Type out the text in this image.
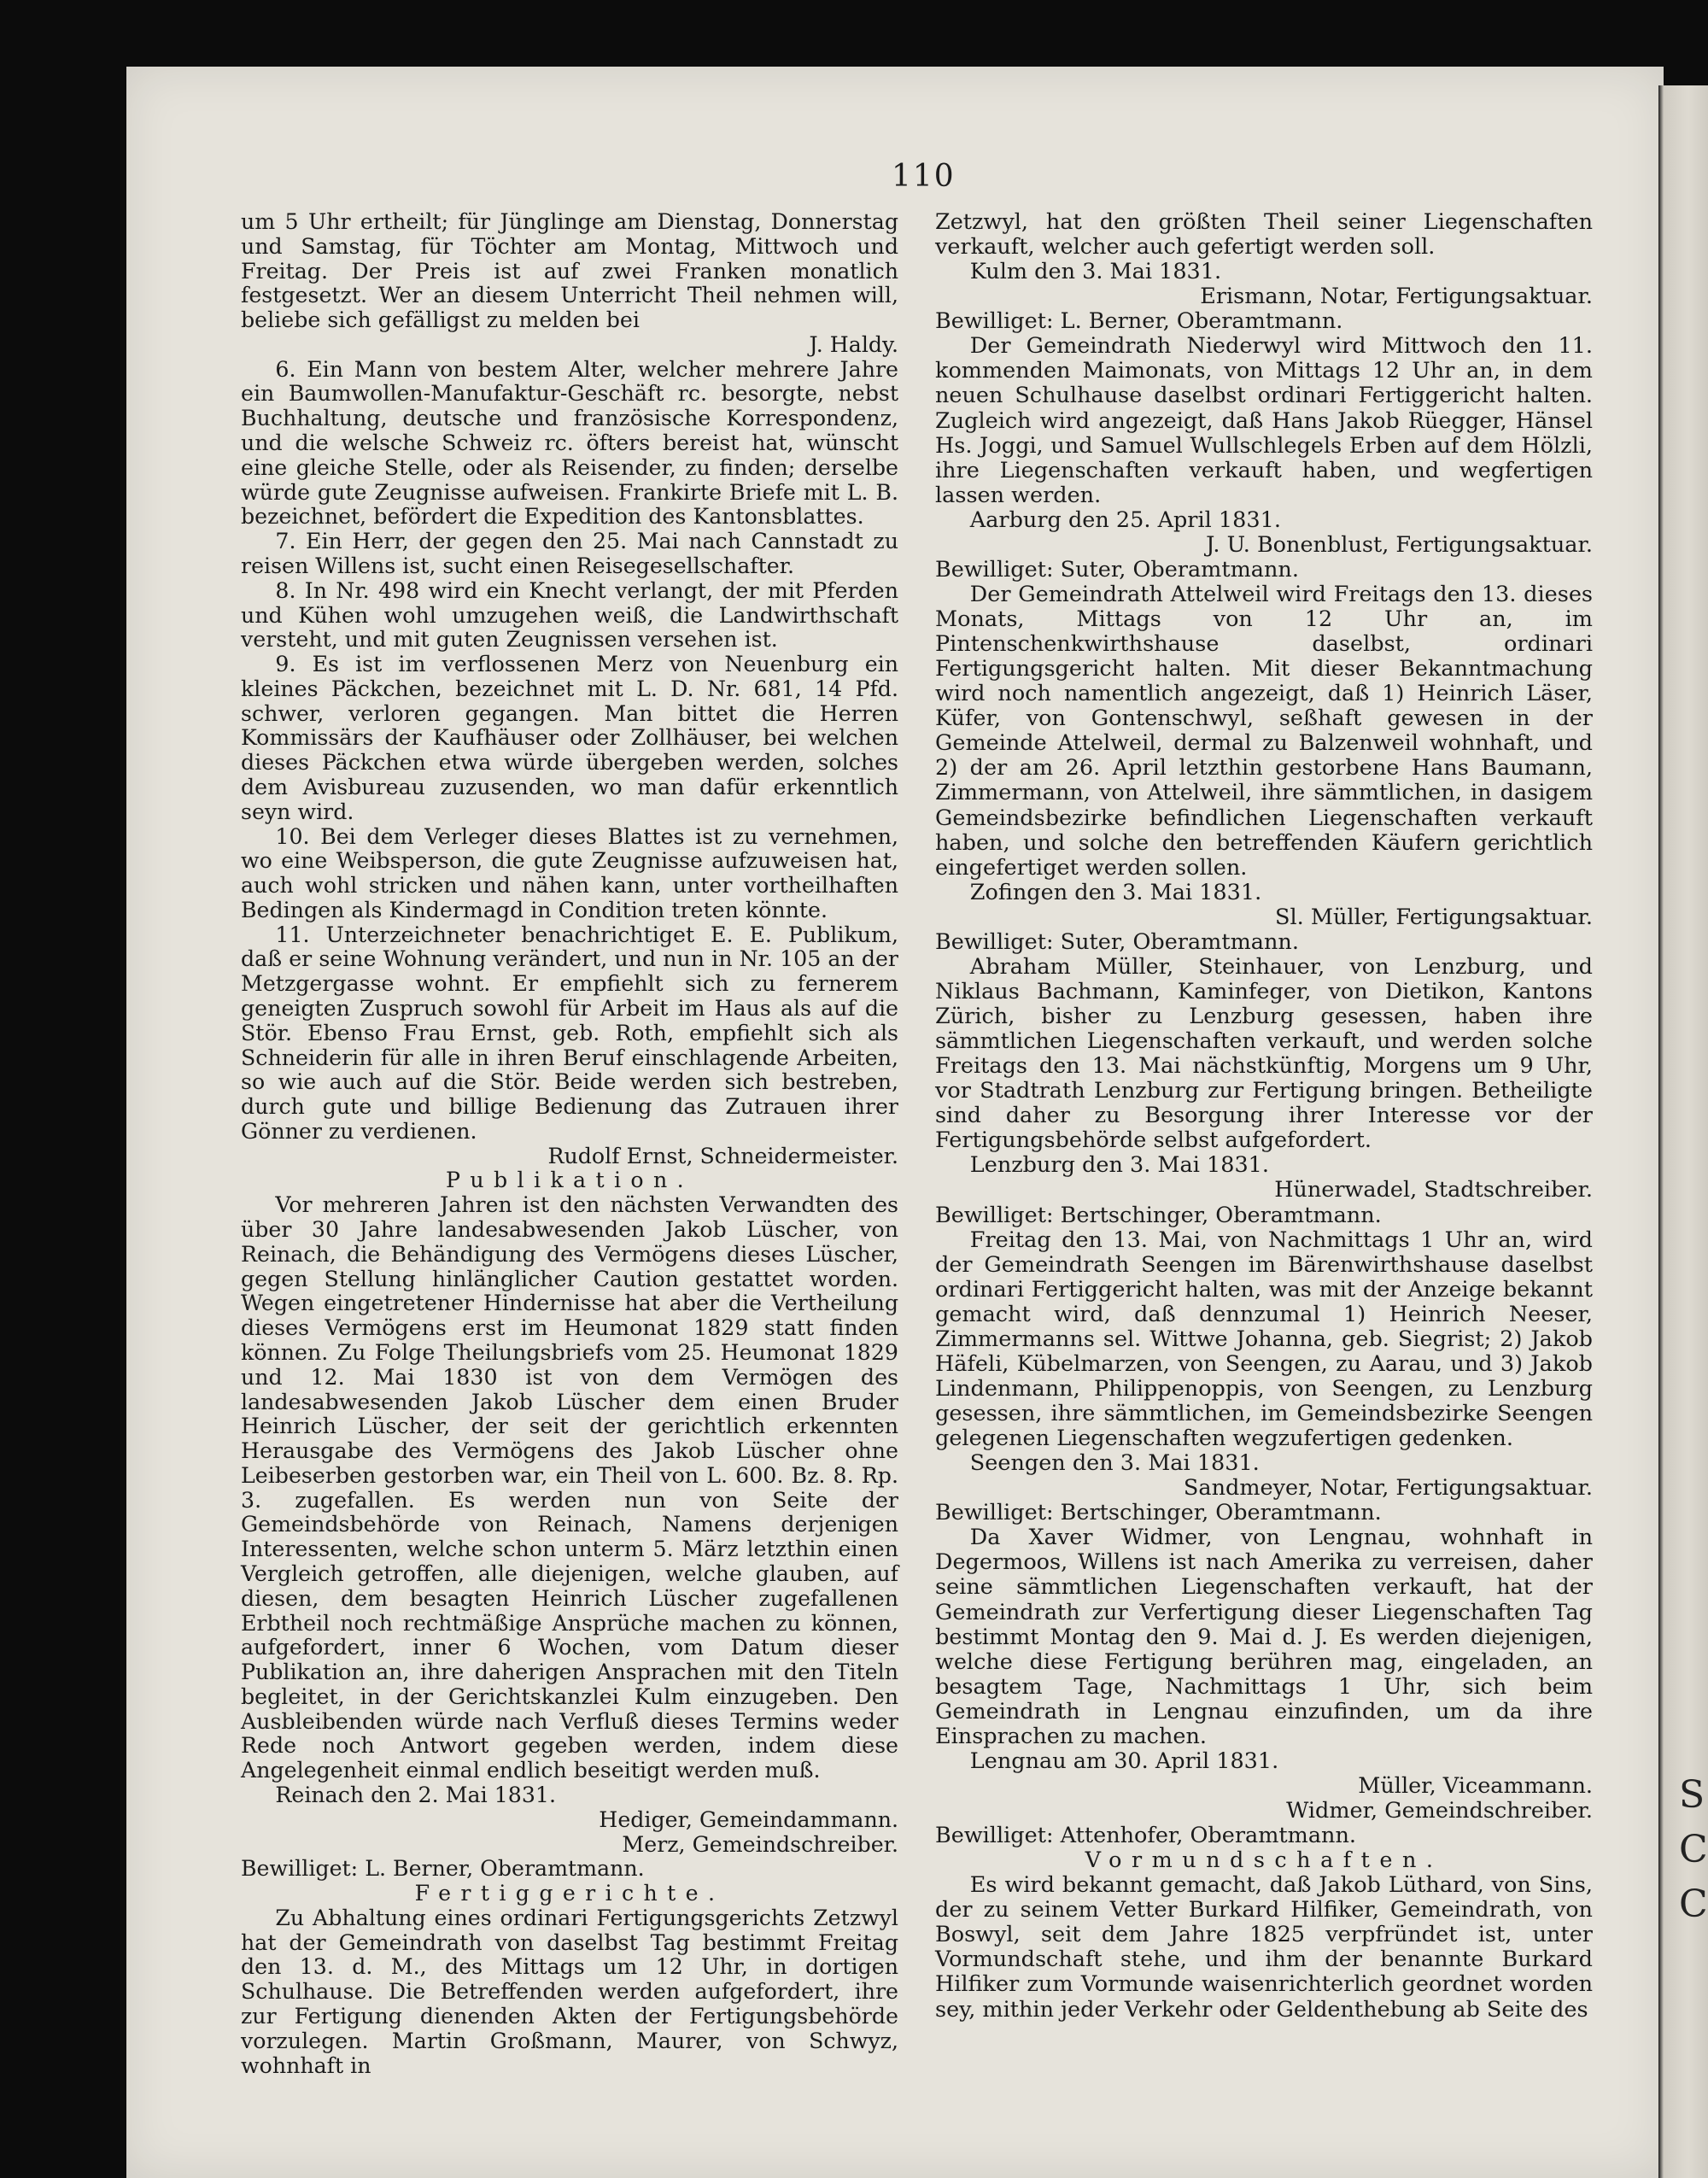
S
C
C
110

um 5 Uhr ertheilt; für Jünglinge am Dienstag, Donnerstag und Samstag, für Töchter am Montag, Mittwoch und Freitag. Der Preis ist auf zwei Franken monatlich festgesetzt. Wer an diesem Unterricht Theil nehmen will, beliebe sich gefälligst zu melden bei

J. Haldy.

6. Ein Mann von bestem Alter, welcher mehrere Jahre ein Baumwollen-Manufaktur-Geschäft rc. besorgte, nebst Buchhaltung, deutsche und französische Korrespondenz, und die welsche Schweiz rc. öfters bereist hat, wünscht eine gleiche Stelle, oder als Reisender, zu finden; derselbe würde gute Zeugnisse aufweisen. Frankirte Briefe mit L. B. bezeichnet, befördert die Expedition des Kantonsblattes.

7. Ein Herr, der gegen den 25. Mai nach Cannstadt zu reisen Willens ist, sucht einen Reisegesellschafter.

8. In Nr. 498 wird ein Knecht verlangt, der mit Pferden und Kühen wohl umzugehen weiß, die Landwirthschaft versteht, und mit guten Zeugnissen versehen ist.

9. Es ist im verflossenen Merz von Neuenburg ein kleines Päckchen, bezeichnet mit L. D. Nr. 681, 14 Pfd. schwer, verloren gegangen. Man bittet die Herren Kommissärs der Kaufhäuser oder Zollhäuser, bei welchen dieses Päckchen etwa würde übergeben werden, solches dem Avisbureau zuzusenden, wo man dafür erkenntlich seyn wird.

10. Bei dem Verleger dieses Blattes ist zu vernehmen, wo eine Weibsperson, die gute Zeugnisse aufzuweisen hat, auch wohl stricken und nähen kann, unter vortheilhaften Bedingen als Kindermagd in Condition treten könnte.

11. Unterzeichneter benachrichtiget E. E. Publikum, daß er seine Wohnung verändert, und nun in Nr. 105 an der Metzgergasse wohnt. Er empfiehlt sich zu fernerem geneigten Zuspruch sowohl für Arbeit im Haus als auf die Stör. Ebenso Frau Ernst, geb. Roth, empfiehlt sich als Schneiderin für alle in ihren Beruf einschlagende Arbeiten, so wie auch auf die Stör. Beide werden sich bestreben, durch gute und billige Bedienung das Zutrauen ihrer Gönner zu verdienen.

Rudolf Ernst, Schneidermeister.

Publikation.

Vor mehreren Jahren ist den nächsten Verwandten des über 30 Jahre landesabwesenden Jakob Lüscher, von Reinach, die Behändigung des Vermögens dieses Lüscher, gegen Stellung hinlänglicher Caution gestattet worden. Wegen eingetretener Hindernisse hat aber die Vertheilung dieses Vermögens erst im Heumonat 1829 statt finden können. Zu Folge Theilungsbriefs vom 25. Heumonat 1829 und 12. Mai 1830 ist von dem Vermögen des landesabwesenden Jakob Lüscher dem einen Bruder Heinrich Lüscher, der seit der gerichtlich erkennten Herausgabe des Vermögens des Jakob Lüscher ohne Leibeserben gestorben war, ein Theil von L. 600. Bz. 8. Rp. 3. zugefallen. Es werden nun von Seite der Gemeindsbehörde von Reinach, Namens derjenigen Interessenten, welche schon unterm 5. März letzthin einen Vergleich getroffen, alle diejenigen, welche glauben, auf diesen, dem besagten Heinrich Lüscher zugefallenen Erbtheil noch rechtmäßige Ansprüche machen zu können, aufgefordert, inner 6 Wochen, vom Datum dieser Publikation an, ihre daherigen Ansprachen mit den Titeln begleitet, in der Gerichtskanzlei Kulm einzugeben. Den Ausbleibenden würde nach Verfluß dieses Termins weder Rede noch Antwort gegeben werden, indem diese Angelegenheit einmal endlich beseitigt werden muß.

Reinach den 2. Mai 1831.

Hediger, Gemeindammann.

Merz, Gemeindschreiber.

Bewilliget: L. Berner, Oberamtmann.

Fertiggerichte.

Zu Abhaltung eines ordinari Fertigungsgerichts Zetzwyl hat der Gemeindrath von daselbst Tag bestimmt Freitag den 13. d. M., des Mittags um 12 Uhr, in dortigen Schulhause. Die Betreffenden werden aufgefordert, ihre zur Fertigung dienenden Akten der Fertigungsbehörde vorzulegen. Martin Großmann, Maurer, von Schwyz, wohnhaft in

Zetzwyl, hat den größten Theil seiner Liegenschaften verkauft, welcher auch gefertigt werden soll.

Kulm den 3. Mai 1831.

Erismann, Notar, Fertigungsaktuar.

Bewilliget: L. Berner, Oberamtmann.

Der Gemeindrath Niederwyl wird Mittwoch den 11. kommenden Maimonats, von Mittags 12 Uhr an, in dem neuen Schulhause daselbst ordinari Fertiggericht halten. Zugleich wird angezeigt, daß Hans Jakob Rüegger, Hänsel Hs. Joggi, und Samuel Wullschlegels Erben auf dem Hölzli, ihre Liegenschaften verkauft haben, und wegfertigen lassen werden.

Aarburg den 25. April 1831.

J. U. Bonenblust, Fertigungsaktuar.

Bewilliget: Suter, Oberamtmann.

Der Gemeindrath Attelweil wird Freitags den 13. dieses Monats, Mittags von 12 Uhr an, im Pintenschenkwirthshause daselbst, ordinari Fertigungsgericht halten. Mit dieser Bekanntmachung wird noch namentlich angezeigt, daß 1) Heinrich Läser, Küfer, von Gontenschwyl, seßhaft gewesen in der Gemeinde Attelweil, dermal zu Balzenweil wohnhaft, und 2) der am 26. April letzthin gestorbene Hans Baumann, Zimmermann, von Attelweil, ihre sämmtlichen, in dasigem Gemeindsbezirke befindlichen Liegenschaften verkauft haben, und solche den betreffenden Käufern gerichtlich eingefertiget werden sollen.

Zofingen den 3. Mai 1831.

Sl. Müller, Fertigungsaktuar.

Bewilliget: Suter, Oberamtmann.

Abraham Müller, Steinhauer, von Lenzburg, und Niklaus Bachmann, Kaminfeger, von Dietikon, Kantons Zürich, bisher zu Lenzburg gesessen, haben ihre sämmtlichen Liegenschaften verkauft, und werden solche Freitags den 13. Mai nächstkünftig, Morgens um 9 Uhr, vor Stadtrath Lenzburg zur Fertigung bringen. Betheiligte sind daher zu Besorgung ihrer Interesse vor der Fertigungsbehörde selbst aufgefordert.

Lenzburg den 3. Mai 1831.

Hünerwadel, Stadtschreiber.

Bewilliget: Bertschinger, Oberamtmann.

Freitag den 13. Mai, von Nachmittags 1 Uhr an, wird der Gemeindrath Seengen im Bärenwirthshause daselbst ordinari Fertiggericht halten, was mit der Anzeige bekannt gemacht wird, daß dennzumal 1) Heinrich Neeser, Zimmermanns sel. Wittwe Johanna, geb. Siegrist; 2) Jakob Häfeli, Kübelmarzen, von Seengen, zu Aarau, und 3) Jakob Lindenmann, Philippenoppis, von Seengen, zu Lenzburg gesessen, ihre sämmtlichen, im Gemeindsbezirke Seengen gelegenen Liegenschaften wegzufertigen gedenken.

Seengen den 3. Mai 1831.

Sandmeyer, Notar, Fertigungsaktuar.

Bewilliget: Bertschinger, Oberamtmann.

Da Xaver Widmer, von Lengnau, wohnhaft in Degermoos, Willens ist nach Amerika zu verreisen, daher seine sämmtlichen Liegenschaften verkauft, hat der Gemeindrath zur Verfertigung dieser Liegenschaften Tag bestimmt Montag den 9. Mai d. J. Es werden diejenigen, welche diese Fertigung berühren mag, eingeladen, an besagtem Tage, Nachmittags 1 Uhr, sich beim Gemeindrath in Lengnau einzufinden, um da ihre Einsprachen zu machen.

Lengnau am 30. April 1831.

Müller, Viceammann.

Widmer, Gemeindschreiber.

Bewilliget: Attenhofer, Oberamtmann.

Vormundschaften.

Es wird bekannt gemacht, daß Jakob Lüthard, von Sins, der zu seinem Vetter Burkard Hilfiker, Gemeindrath, von Boswyl, seit dem Jahre 1825 verpfründet ist, unter Vormundschaft stehe, und ihm der benannte Burkard Hilfiker zum Vormunde waisenrichterlich geordnet worden sey, mithin jeder Verkehr oder Geldenthebung ab Seite des
